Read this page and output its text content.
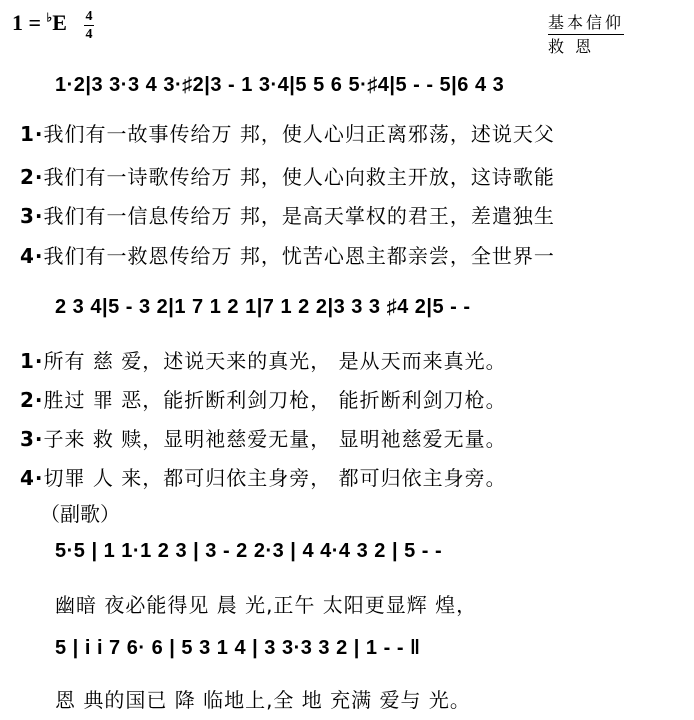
1 = ♭E 4
4
基本信仰
救 恩
1·2|3 3·3 4 3·♯2|3 - 1 3·4|5 5 6 5·♯4|5 - - 5|6 4 3
1·我们有一故事传给万 邦，使人心归正离邪荡，述说天父
2·我们有一诗歌传给万 邦，使人心向救主开放，这诗歌能
3·我们有一信息传给万 邦，是高天掌权的君王，差遣独生
4·我们有一救恩传给万 邦，忧苦心恩主都亲尝，全世界一
2 3 4|5 - 3 2|1 7 1 2 1|7 1 2 2|3 3 3 ♯4 2|5 - -
1·所有 慈 爱，述说天来的真光， 是从天而来真光。
2·胜过 罪 恶，能折断利剑刀枪， 能折断利剑刀枪。
3·子来 救 赎，显明祂慈爱无量， 显明祂慈爱无量。
4·切罪 人 来，都可归依主身旁， 都可归依主身旁。
（副歌）
5·5 | 1 1·1 2 3 | 3 - 2 2·3 | 4 4·4 3 2 | 5 - -
幽暗 夜必能得见 晨 光,正午 太阳更显辉 煌，
5 | i i 7 6· 6 | 5 3 1 4 | 3 3·3 3 2 | 1 - - ‖
恩 典的国已 降 临地上,全 地 充满 爱与 光。
